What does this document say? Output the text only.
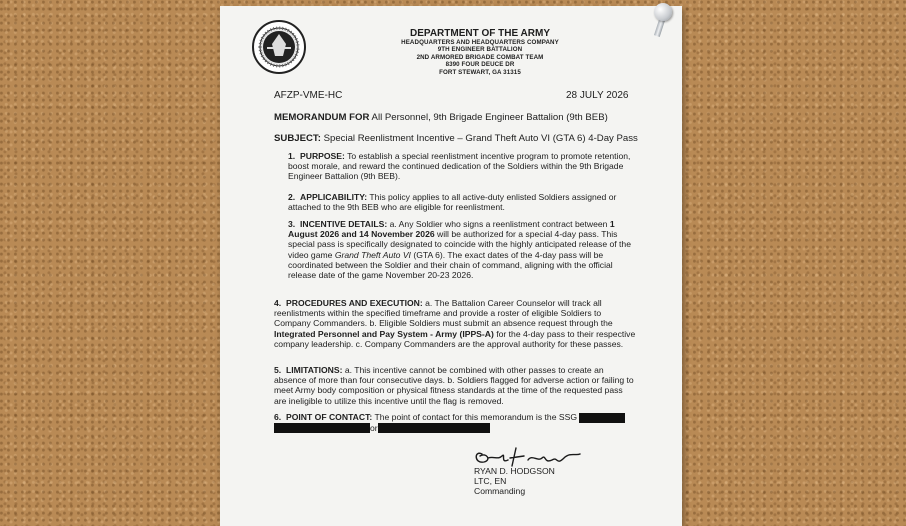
DEPARTMENT OF THE ARMY
HEADQUARTERS AND HEADQUARTERS COMPANY
9TH ENGINEER BATTALION
2ND ARMORED BRIGADE COMBAT TEAM
8390 FOUR DEUCE DR
FORT STEWART, GA 31315
AFZP-VME-HC	28 JULY 2026
MEMORANDUM FOR All Personnel, 9th Brigade Engineer Battalion (9th BEB)
SUBJECT: Special Reenlistment Incentive – Grand Theft Auto VI (GTA 6) 4-Day Pass
1. PURPOSE: To establish a special reenlistment incentive program to promote retention, boost morale, and reward the continued dedication of the Soldiers within the 9th Brigade Engineer Battalion (9th BEB).
2. APPLICABILITY: This policy applies to all active-duty enlisted Soldiers assigned or attached to the 9th BEB who are eligible for reenlistment.
3. INCENTIVE DETAILS: a. Any Soldier who signs a reenlistment contract between 1 August 2026 and 14 November 2026 will be authorized for a special 4-day pass. This special pass is specifically designated to coincide with the highly anticipated release of the video game Grand Theft Auto VI (GTA 6). The exact dates of the 4-day pass will be coordinated between the Soldier and their chain of command, aligning with the official release date of the game November 20-23 2026.
4. PROCEDURES AND EXECUTION: a. The Battalion Career Counselor will track all reenlistments within the specified timeframe and provide a roster of eligible Soldiers to Company Commanders. b. Eligible Soldiers must submit an absence request through the Integrated Personnel and Pay System - Army (IPPS-A) for the 4-day pass to their respective company leadership. c. Company Commanders are the approval authority for these passes.
5. LIMITATIONS: a. This incentive cannot be combined with other passes to create an absence of more than four consecutive days. b. Soldiers flagged for adverse action or failing to meet Army body composition or physical fitness standards at the time of the requested pass are ineligible to utilize this incentive until the flag is removed.
6. POINT OF CONTACT: The point of contact for this memorandum is the SSG
or
RYAN D. HODGSON
LTC, EN
Commanding
